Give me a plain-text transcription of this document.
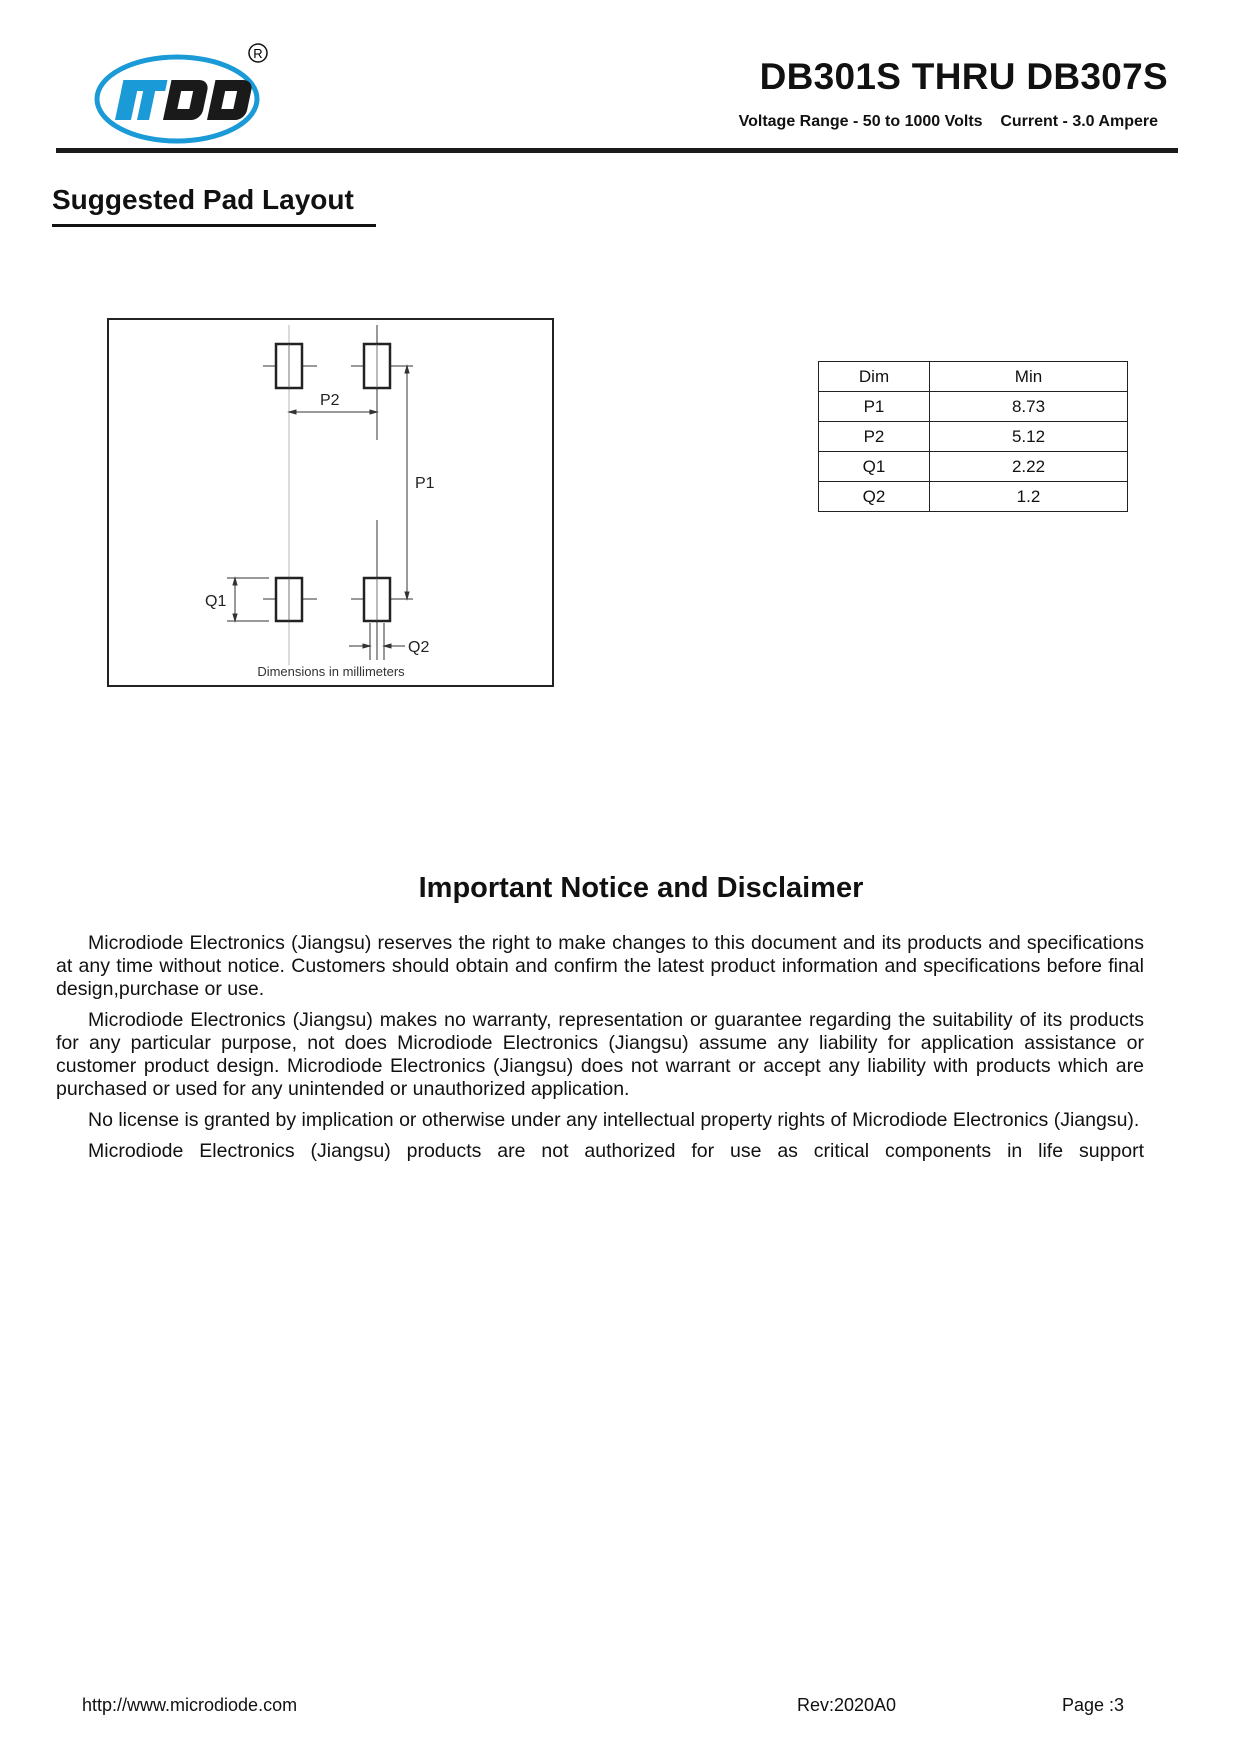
R
DB301S THRU DB307S
Voltage Range - 50 to 1000 Volts    Current - 3.0 Ampere
Suggested Pad Layout
P2
P1
Q1
Q2
Dimensions in millimeters
Dim	Min
P1	8.73
P2	5.12
Q1	2.22
Q2	1.2
Important Notice and Disclaimer

Microdiode Electronics (Jiangsu) reserves the right to make changes to this document and its products and specifications at any time without notice. Customers should obtain and confirm the latest product information and specifications before final design,purchase or use.

Microdiode Electronics (Jiangsu) makes no warranty, representation or guarantee regarding the suitability of its products for any particular purpose, not does Microdiode Electronics (Jiangsu) assume any liability for application assistance or customer product design. Microdiode Electronics (Jiangsu) does not warrant or accept any liability with products which are purchased or used for any unintended or unauthorized application.

No license is granted by implication or otherwise under any intellectual property rights of Microdiode Electronics (Jiangsu).

Microdiode Electronics (Jiangsu) products are not authorized for use as critical components in life support

http://www.microdiode.com	Rev:2020A0	Page :3
